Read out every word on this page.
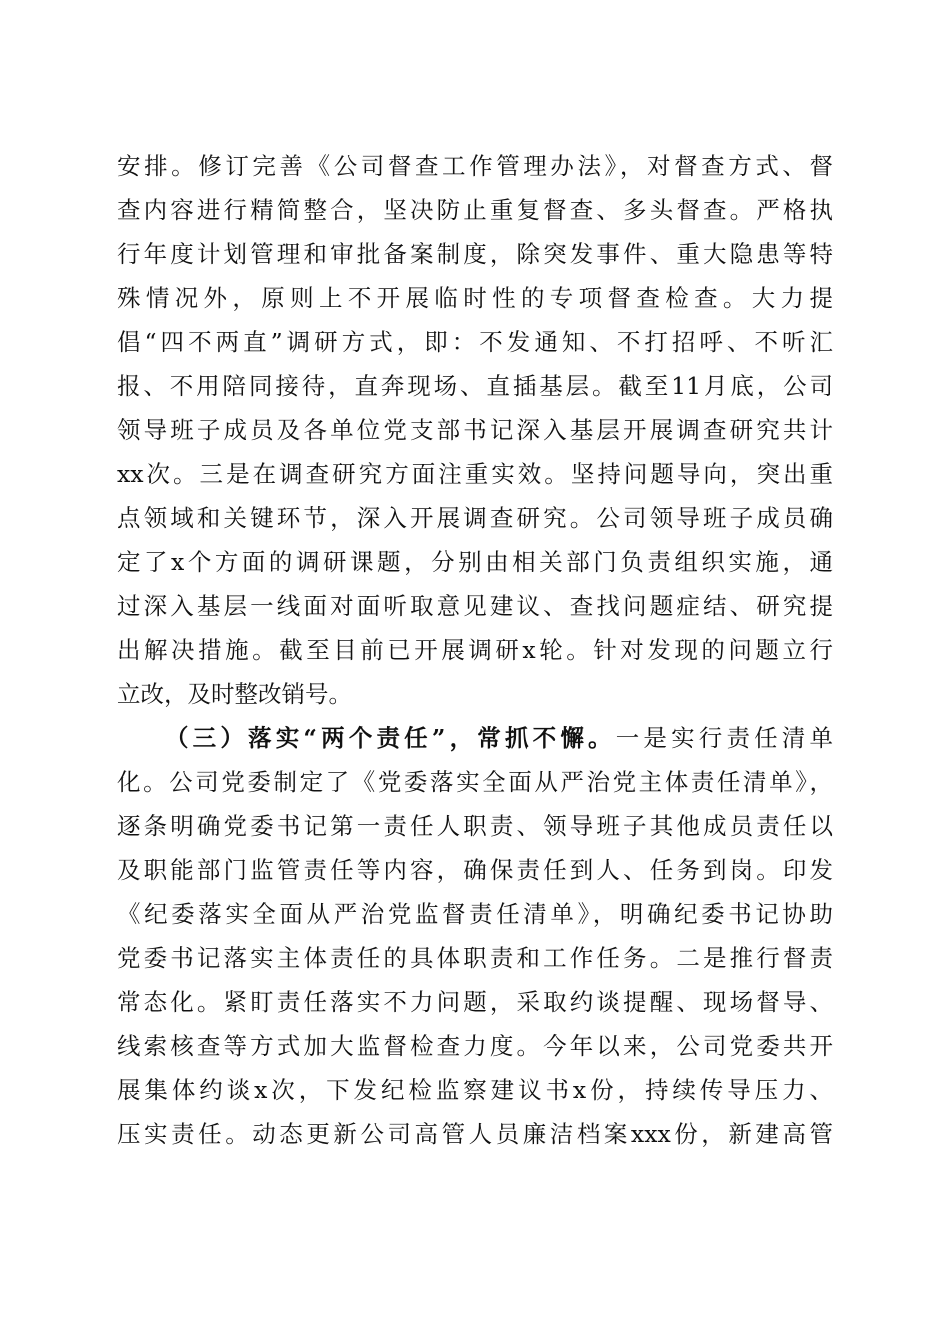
安排。修订完善《公司督查工作管理办法》，对督查方式、督
查内容进行精简整合，坚决防止重复督查、多头督查。严格执
行年度计划管理和审批备案制度，除突发事件、重大隐患等特
殊情况外，原则上不开展临时性的专项督查检查。大力提
倡“四不两直”调研方式，即：不发通知、不打招呼、不听汇
报、不用陪同接待，直奔现场、直插基层。截至11月底，公司
领导班子成员及各单位党支部书记深入基层开展调查研究共计
xx次。三是在调查研究方面注重实效。坚持问题导向，突出重
点领域和关键环节，深入开展调查研究。公司领导班子成员确
定了x个方面的调研课题，分别由相关部门负责组织实施，通
过深入基层一线面对面听取意见建议、查找问题症结、研究提
出解决措施。截至目前已开展调研x轮。针对发现的问题立行
立改，及时整改销号。
（三）落实“两个责任”，常抓不懈。一是实行责任清单
化。公司党委制定了《党委落实全面从严治党主体责任清单》，
逐条明确党委书记第一责任人职责、领导班子其他成员责任以
及职能部门监管责任等内容，确保责任到人、任务到岗。印发
《纪委落实全面从严治党监督责任清单》，明确纪委书记协助
党委书记落实主体责任的具体职责和工作任务。二是推行督责
常态化。紧盯责任落实不力问题，采取约谈提醒、现场督导、
线索核查等方式加大监督检查力度。今年以来，公司党委共开
展集体约谈x次，下发纪检监察建议书x份，持续传导压力、
压实责任。动态更新公司高管人员廉洁档案xxx份，新建高管
